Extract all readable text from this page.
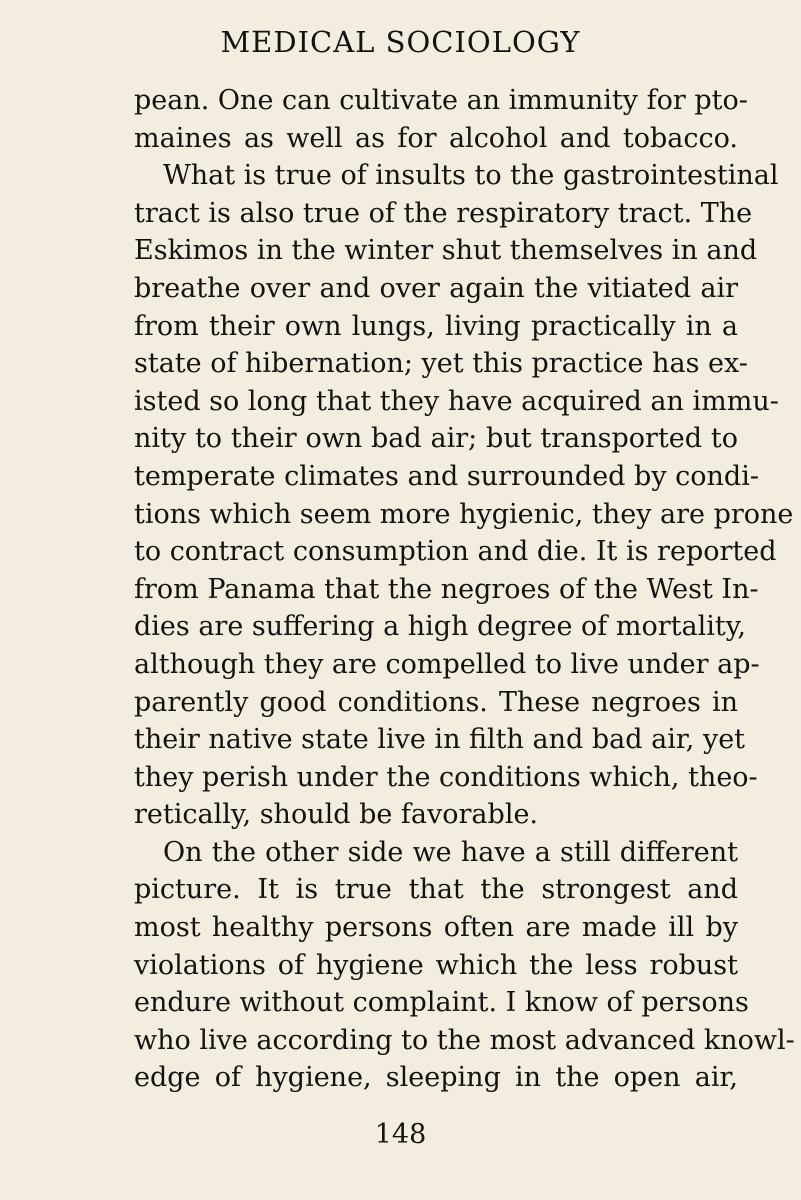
MEDICAL SOCIOLOGY
pean. One can cultivate an immunity for pto-
maines as well as for alcohol and tobacco.
What is true of insults to the gastrointestinal
tract is also true of the respiratory tract. The
Eskimos in the winter shut themselves in and
breathe over and over again the vitiated air
from their own lungs, living practically in a
state of hibernation; yet this practice has ex-
isted so long that they have acquired an immu-
nity to their own bad air; but transported to
temperate climates and surrounded by condi-
tions which seem more hygienic, they are prone
to contract consumption and die. It is reported
from Panama that the negroes of the West In-
dies are suffering a high degree of mortality,
although they are compelled to live under ap-
parently good conditions. These negroes in
their native state live in filth and bad air, yet
they perish under the conditions which, theo-
retically, should be favorable.
On the other side we have a still different
picture. It is true that the strongest and
most healthy persons often are made ill by
violations of hygiene which the less robust
endure without complaint. I know of persons
who live according to the most advanced knowl-
edge of hygiene, sleeping in the open air,
148
